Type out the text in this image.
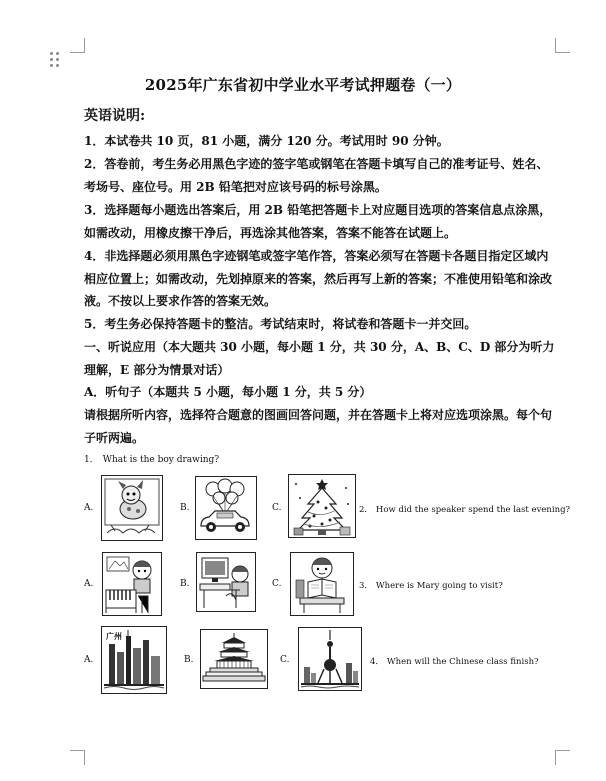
2025年广东省初中学业水平考试押题卷（一）
英语说明:
1．本试卷共 10 页，81 小题，满分 120 分。考试用时 90 分钟。
2．答卷前，考生务必用黑色字迹的签字笔或钢笔在答题卡填写自己的准考证号、姓名、考场号、座位号。用 2B 铅笔把对应该号码的标号涂黑。
3．选择题每小题选出答案后，用 2B 铅笔把答题卡上对应题目选项的答案信息点涂黑，如需改动，用橡皮擦干净后，再选涂其他答案，答案不能答在试题上。
4．非选择题必须用黑色字迹钢笔或签字笔作答，答案必须写在答题卡各题目指定区域内相应位置上；如需改动，先划掉原来的答案，然后再写上新的答案；不准使用铅笔和涂改液。不按以上要求作答的答案无效。
5．考生务必保持答题卡的整洁。考试结束时，将试卷和答题卡一并交回。
一、听说应用（本大题共 30 小题，每小题 1 分，共 30 分，A、B、C、D 部分为听力理解，E 部分为情景对话）
A．听句子（本题共 5 小题，每小题 1 分，共 5 分）
请根据所听内容，选择符合题意的图画回答问题，并在答题卡上将对应选项涂黑。每个句子听两遍。
1． What is the boy drawing?
A.	B.	C.	2． How did the speaker spend the last evening?
A.	B.	C.	3． Where is Mary going to visit?
A.
广州
B.	C.	4． When will the Chinese class finish?
